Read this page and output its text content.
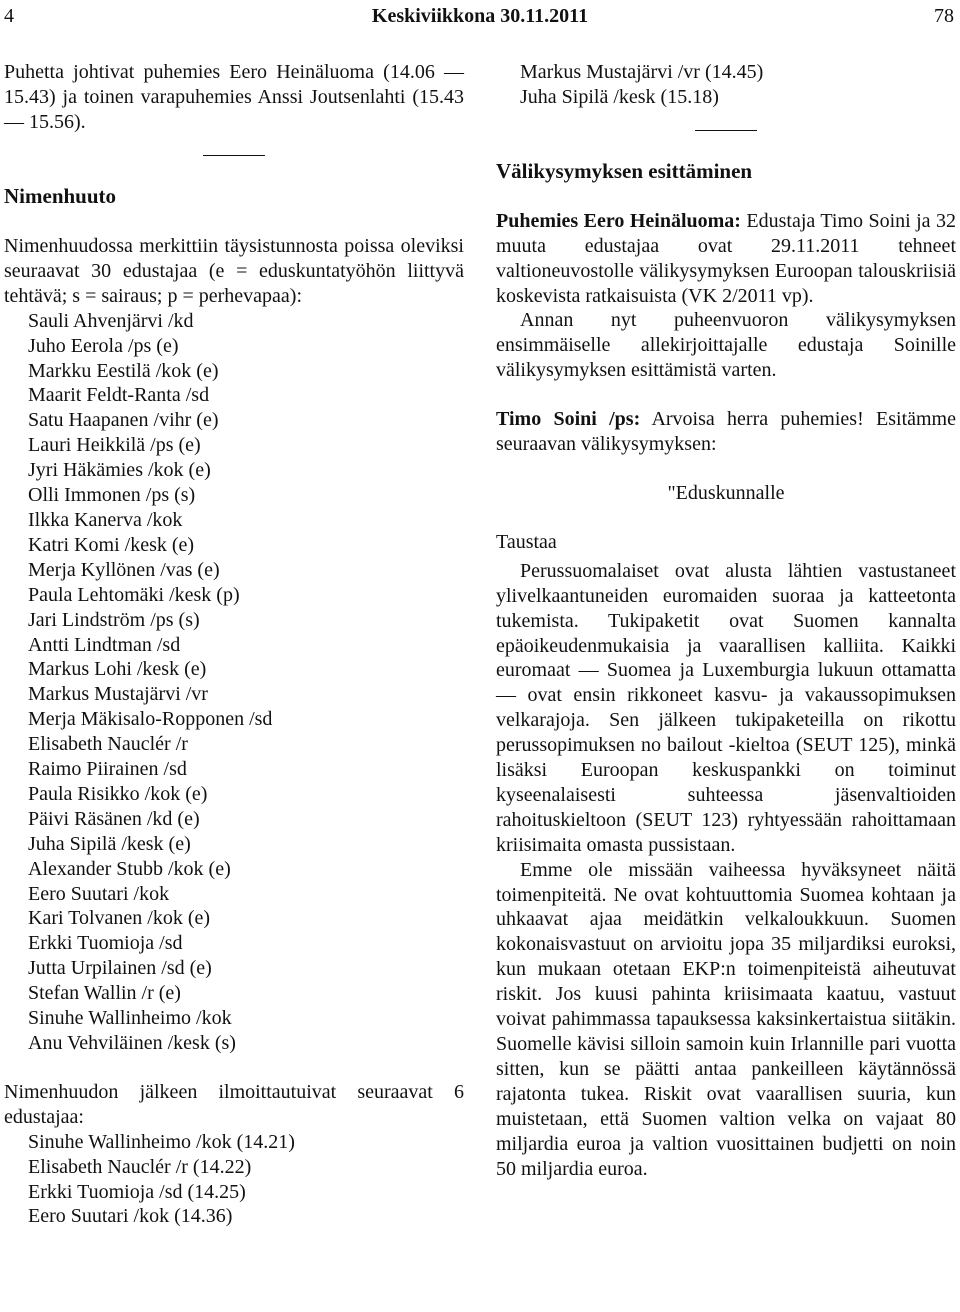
4	Keskiviikkona 30.11.2011	78

Puhetta johtivat puhemies Eero Heinäluoma (14.06 — 15.43) ja toinen varapuhemies Anssi Joutsenlahti (15.43 — 15.56).

Nimenhuuto

Nimenhuudossa merkittiin täysistunnosta poissa oleviksi seuraavat 30 edustajaa (e = eduskuntatyöhön liittyvä tehtävä; s = sairaus; p = perhevapaa):

Sauli Ahvenjärvi /kd
Juho Eerola /ps (e)
Markku Eestilä /kok (e)
Maarit Feldt-Ranta /sd
Satu Haapanen /vihr (e)
Lauri Heikkilä /ps (e)
Jyri Häkämies /kok (e)
Olli Immonen /ps (s)
Ilkka Kanerva /kok
Katri Komi /kesk (e)
Merja Kyllönen /vas (e)
Paula Lehtomäki /kesk (p)
Jari Lindström /ps (s)
Antti Lindtman /sd
Markus Lohi /kesk (e)
Markus Mustajärvi /vr
Merja Mäkisalo-Ropponen /sd
Elisabeth Nauclér /r
Raimo Piirainen /sd
Paula Risikko /kok (e)
Päivi Räsänen /kd (e)
Juha Sipilä /kesk (e)
Alexander Stubb /kok (e)
Eero Suutari /kok
Kari Tolvanen /kok (e)
Erkki Tuomioja /sd
Jutta Urpilainen /sd (e)
Stefan Wallin /r (e)
Sinuhe Wallinheimo /kok
Anu Vehviläinen /kesk (s)

Nimenhuudon jälkeen ilmoittautuivat seuraavat 6 edustajaa:

Sinuhe Wallinheimo /kok (14.21)
Elisabeth Nauclér /r (14.22)
Erkki Tuomioja /sd (14.25)
Eero Suutari /kok (14.36)
Markus Mustajärvi /vr (14.45)
Juha Sipilä /kesk (15.18)
Välikysymyksen esittäminen

Puhemies Eero Heinäluoma: Edustaja Timo Soini ja 32 muuta edustajaa ovat 29.11.2011 tehneet valtioneuvostolle välikysymyksen Euroopan talouskriisiä koskevista ratkaisuista (VK 2/2011 vp).

Annan nyt puheenvuoron välikysymyksen ensimmäiselle allekirjoittajalle edustaja Soinille välikysymyksen esittämistä varten.

Timo Soini /ps: Arvoisa herra puhemies! Esitämme seuraavan välikysymyksen:

"Eduskunnalle

Taustaa

Perussuomalaiset ovat alusta lähtien vastustaneet ylivelkaantuneiden euromaiden suoraa ja katteetonta tukemista. Tukipaketit ovat Suomen kannalta epäoikeudenmukaisia ja vaarallisen kalliita. Kaikki euromaat — Suomea ja Luxemburgia lukuun ottamatta — ovat ensin rikkoneet kasvu- ja vakaussopimuksen velkarajoja. Sen jälkeen tukipaketeilla on rikottu perussopimuksen no bailout -kieltoa (SEUT 125), minkä lisäksi Euroopan keskuspankki on toiminut kyseenalaisesti suhteessa jäsenvaltioiden rahoituskieltoon (SEUT 123) ryhtyessään rahoittamaan kriisimaita omasta pussistaan.

Emme ole missään vaiheessa hyväksyneet näitä toimenpiteitä. Ne ovat kohtuuttomia Suomea kohtaan ja uhkaavat ajaa meidätkin velkaloukkuun. Suomen kokonaisvastuut on arvioitu jopa 35 miljardiksi euroksi, kun mukaan otetaan EKP:n toimenpiteistä aiheutuvat riskit. Jos kuusi pahinta kriisimaata kaatuu, vastuut voivat pahimmassa tapauksessa kaksinkertaistua siitäkin. Suomelle kävisi silloin samoin kuin Irlannille pari vuotta sitten, kun se päätti antaa pankeilleen käytännössä rajatonta tukea. Riskit ovat vaarallisen suuria, kun muistetaan, että Suomen valtion velka on vajaat 80 miljardia euroa ja valtion vuosittainen budjetti on noin 50 miljardia euroa.
